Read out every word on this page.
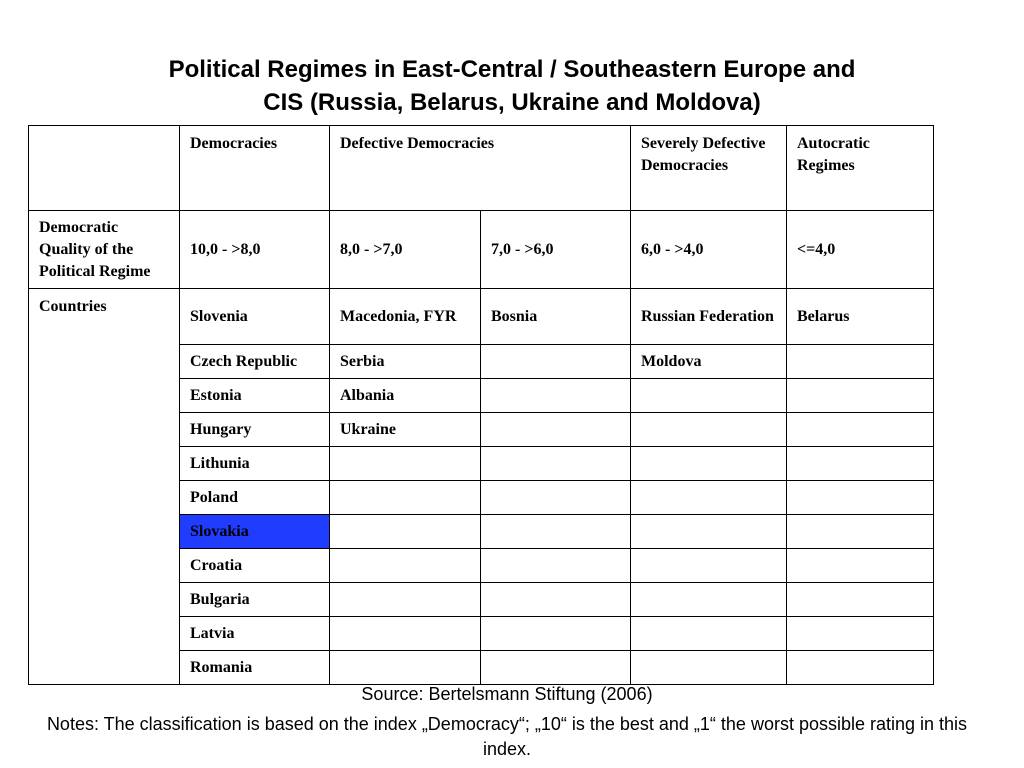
Political Regimes in East-Central / Southeastern Europe and
CIS (Russia, Belarus, Ukraine and Moldova)
	Democracies	Defective Democracies		Severely Defective Democracies	Autocratic Regimes
Democratic Quality of the Political Regime	10,0 - >8,0	8,0 - >7,0	7,0 - >6,0	6,0 - >4,0	<=4,0
Countries	Slovenia	Macedonia, FYR	Bosnia	Russian Federation	Belarus
	Czech Republic	Serbia		Moldova	
	Estonia	Albania			
	Hungary	Ukraine			
	Lithunia				
	Poland				
	Slovakia				
	Croatia				
	Bulgaria				
	Latvia				
	Romania				
Source: Bertelsmann Stiftung (2006)
Notes: The classification is based on the index „Democracy“; „10“ is the best and „1“ the worst possible rating in this index.
